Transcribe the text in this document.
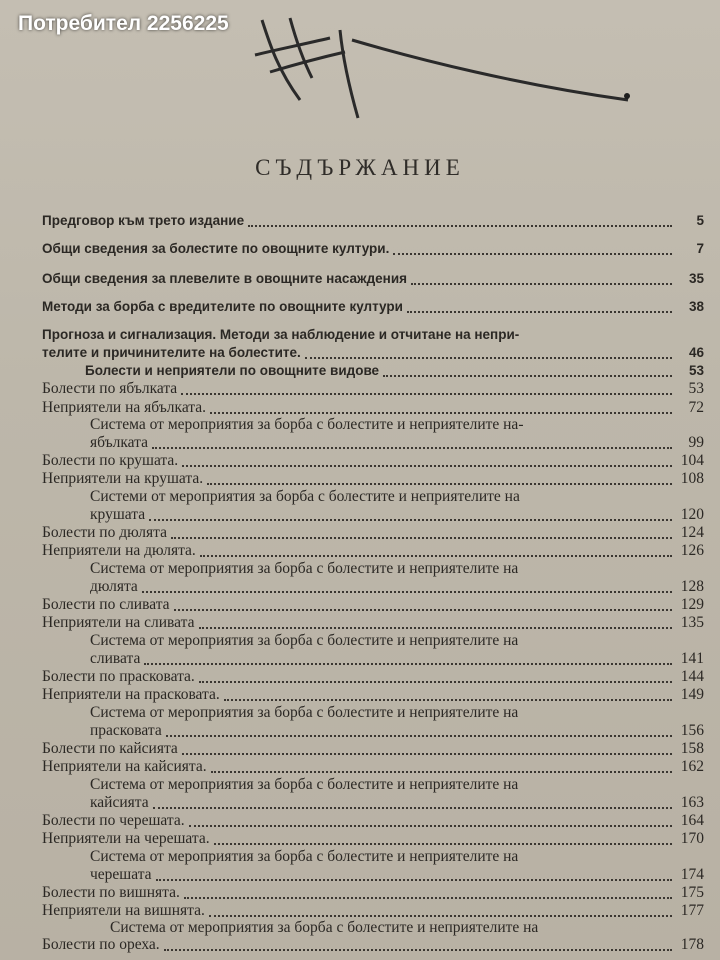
Потребител 2256225
СЪДЪРЖАНИЕ
Предговор към трето издание	5
Общи сведения за болестите по овощните култури.	7
Общи сведения за плевелите в овощните насаждения	35
Методи за борба с вредителите по овощните култури	38
Прогноза и сигнализация. Методи за наблюдение и отчитане на непри-
телите и причинителите на болестите.	46
Болести и неприятели по овощните видове	53
Болести по ябълката	53
Неприятели на ябълката.	72
Система от мероприятия за борба с болестите и неприятелите на-
ябълката	99
Болести по крушата.	104
Неприятели на крушата.	108
Системи от мероприятия за борба с болестите и неприятелите на
крушата	120
Болести по дюлята	124
Неприятели на дюлята.	126
Система от мероприятия за борба с болестите и неприятелите на
дюлята	128
Болести по сливата	129
Неприятели на сливата	135
Система от мероприятия за борба с болестите и неприятелите на
сливата	141
Болести по прасковата.	144
Неприятели на прасковата.	149
Система от мероприятия за борба с болестите и неприятелите на
прасковата	156
Болести по кайсията	158
Неприятели на кайсията.	162
Система от мероприятия за борба с болестите и неприятелите на
кайсията	163
Болести по черешата.	164
Неприятели на черешата.	170
Система от мероприятия за борба с болестите и неприятелите на
черешата	174
Болести по вишнята.	175
Неприятели на вишнята.	177
Система от мероприятия за борба с болестите и неприятелите на
Болести по ореха.	178
